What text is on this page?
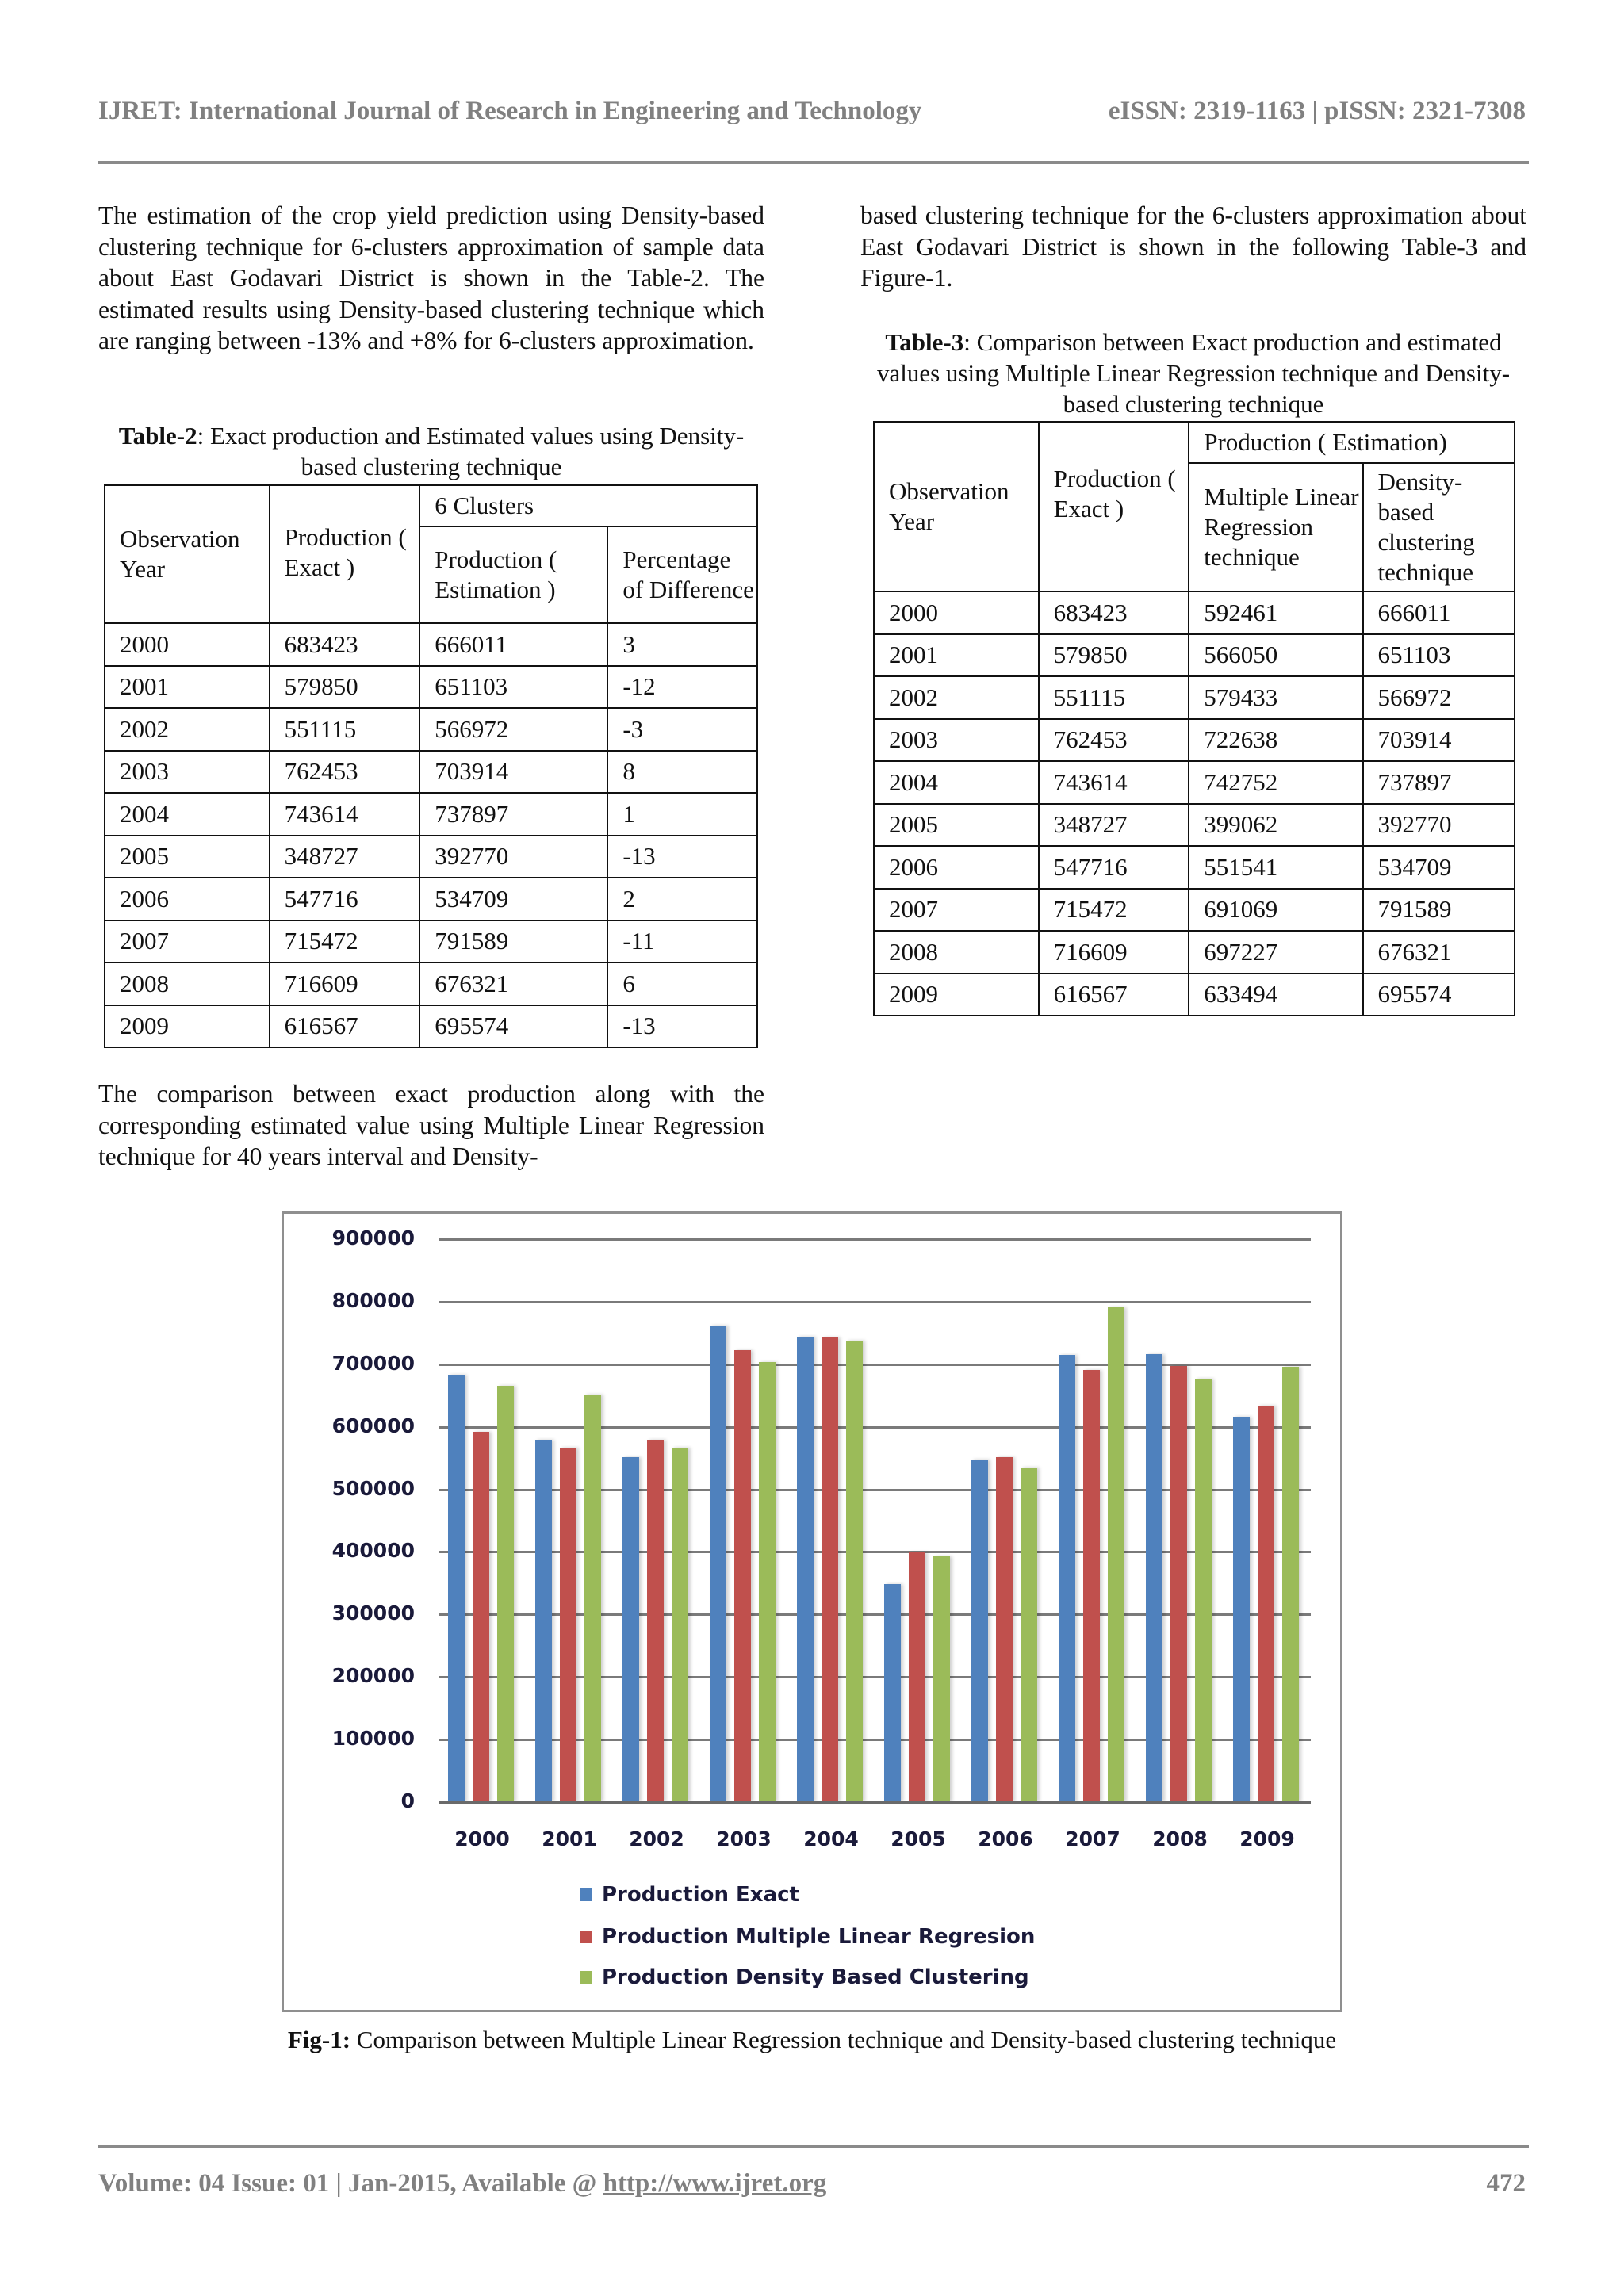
IJRET: International Journal of Research in Engineering and Technology	eISSN: 2319-1163 | pISSN: 2321-7308
The estimation of the crop yield prediction using Density-based clustering technique for 6-clusters approximation of sample data about East Godavari District is shown in the Table-2. The estimated results using Density-based clustering technique which are ranging between -13% and +8% for 6-clusters approximation.
Table-2: Exact production and Estimated values using Density-based clustering technique
Observation Year	Production ( Exact )	6 Clusters	
		Production ( Estimation )	Percentage of Difference
2000	683423	666011	3
2001	579850	651103	-12
2002	551115	566972	-3
2003	762453	703914	8
2004	743614	737897	1
2005	348727	392770	-13
2006	547716	534709	2
2007	715472	791589	-11
2008	716609	676321	6
2009	616567	695574	-13
The comparison between exact production along with the corresponding estimated value using Multiple Linear Regression technique for 40 years interval and Density-
based clustering technique for the 6-clusters approximation about East Godavari District is shown in the following Table-3 and Figure-1.
Table-3: Comparison between Exact production and estimated values using Multiple Linear Regression technique and Density-based clustering technique
Observation Year	Production ( Exact )	Production ( Estimation)	
		Multiple Linear Regression technique	Density-based clustering technique
2000	683423	592461	666011
2001	579850	566050	651103
2002	551115	579433	566972
2003	762453	722638	703914
2004	743614	742752	737897
2005	348727	399062	392770
2006	547716	551541	534709
2007	715472	691069	791589
2008	716609	697227	676321
2009	616567	633494	695574
0
100000
200000
300000
400000
500000
600000
700000
800000
900000
2000	2001	2002	2003	2004	2005	2006	2007	2008	2009
Production Exact
Production Multiple Linear Regresion
Production Density Based Clustering
Fig-1: Comparison between Multiple Linear Regression technique and Density-based clustering technique
Volume: 04 Issue: 01 | Jan-2015, Available @ http://www.ijret.org	472
